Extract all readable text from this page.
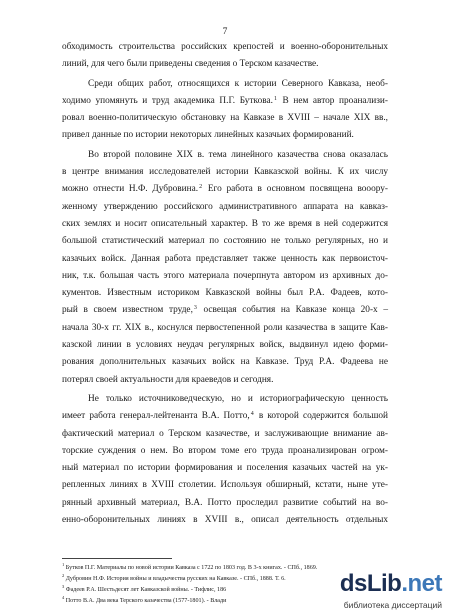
7
обходимость строительства российских крепостей и военно-оборонительных
линий, для чего были приведены сведения о Терском казачестве.
Среди общих работ, относящихся к истории Северного Кавказа, необ-
ходимо упомянуть и труд академика П.Г. Буткова.$^1$ В нем автор проанализи-
ровал военно-политическую обстановку на Кавказе в XVIII – начале XIX вв.,
привел данные по истории некоторых линейных казачьих формирований.
Во второй половине XIX в. тема линейного казачества снова оказалась
в центре внимания исследователей истории Кавказской войны. К их числу
можно отнести Н.Ф. Дубровина.$^2$ Его работа в основном посвящена вооору-
женному утверждению российского административного аппарата на кавказ-
ских землях и носит описательный характер. В то же время в ней содержится
большой статистический материал по состоянию не только регулярных, но и
казачьих войск. Данная работа представляет также ценность как первоисточ-
ник, т.к. большая часть этого материала почерпнута автором из архивных до-
кументов. Известным историком Кавказской войны был Р.А. Фадеев, кото-
рый в своем известном труде,$^3$ освещая события на Кавказе конца 20-х –
начала 30-х гг. XIX в., коснулся первостепенной роли казачества в защите Кав-
казской линии в условиях неудач регулярных войск, выдвинул идею форми-
рования дополнительных казачьих войск на Кавказе. Труд Р.А. Фадеева не
потерял своей актуальности для краеведов и сегодня.
Не только источниковедческую, но и историографическую ценность
имеет работа генерал-лейтенанта В.А. Потто,$^4$ в которой содержится большой
фактический материал о Терском казачестве, и заслуживающие внимание ав-
торские суждения о нем. Во втором томе его труда проанализирован огром-
ный материал по истории формирования и поселения казачьих частей на ук-
репленных линиях в XVIII столетии. Используя обширный, кстати, ныне уте-
рянный архивный материал, В.А. Потто проследил развитие событий на во-
енно-оборонительных линиях в XVIII в., описал деятельность отдельных
$^1$ Бутков П.Г. Материалы по новой истории Кавказа с 1722 по 1803 год. В 3-х книгах. - СПб., 1869.
$^2$ Дубровин Н.Ф. История войны и владычества русских на Кавказе. - СПб., 1888. Т. 6.
$^3$ Фадеев Р.А. Шестьдесят лет Кавказской войны. - Тифлис, 186
$^4$ Потто В.А. Два века Терского казачества (1577-1801). - Влади
dsLib.net
библиотека диссертаций
